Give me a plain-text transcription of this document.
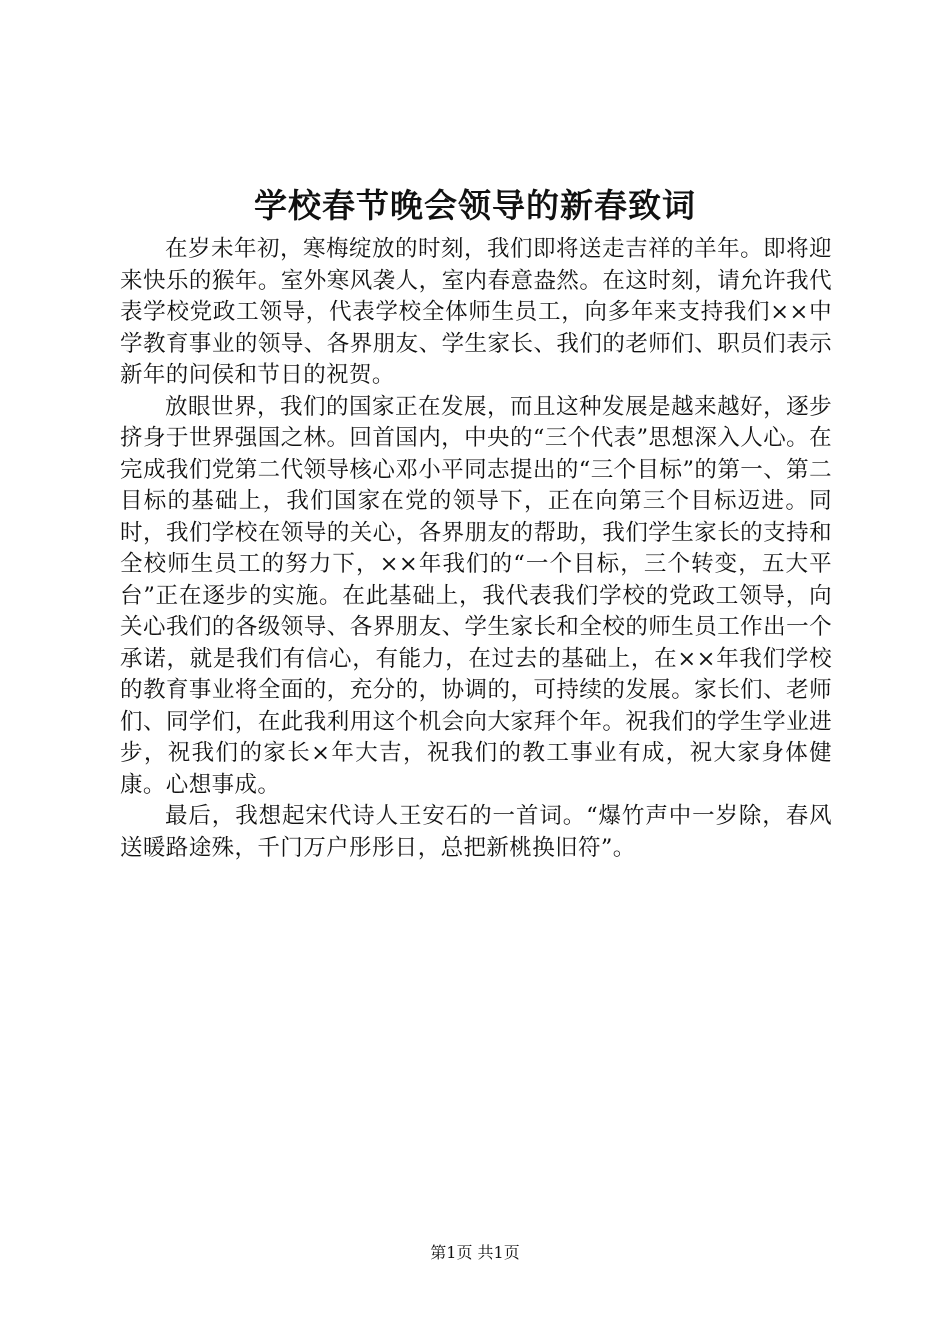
学校春节晚会领导的新春致词

在岁未年初，寒梅绽放的时刻，我们即将送走吉祥的羊年。即将迎来快乐的猴年。室外寒风袭人，室内春意盎然。在这时刻，请允许我代表学校党政工领导，代表学校全体师生员工，向多年来支持我们××中学教育事业的领导、各界朋友、学生家长、我们的老师们、职员们表示新年的问侯和节日的祝贺。

放眼世界，我们的国家正在发展，而且这种发展是越来越好，逐步挤身于世界强国之林。回首国内，中央的“三个代表”思想深入人心。在完成我们党第二代领导核心邓小平同志提出的“三个目标”的第一、第二目标的基础上，我们国家在党的领导下，正在向第三个目标迈进。同时，我们学校在领导的关心，各界朋友的帮助，我们学生家长的支持和全校师生员工的努力下，××年我们的“一个目标，三个转变，五大平台”正在逐步的实施。在此基础上，我代表我们学校的党政工领导，向关心我们的各级领导、各界朋友、学生家长和全校的师生员工作出一个承诺，就是我们有信心，有能力，在过去的基础上，在××年我们学校的教育事业将全面的，充分的，协调的，可持续的发展。家长们、老师们、同学们，在此我利用这个机会向大家拜个年。祝我们的学生学业进步，祝我们的家长×年大吉，祝我们的教工事业有成，祝大家身体健康。心想事成。

最后，我想起宋代诗人王安石的一首词。“爆竹声中一岁除，春风送暖路途殊，千门万户彤彤日，总把新桃换旧符”。

第1页 共1页
